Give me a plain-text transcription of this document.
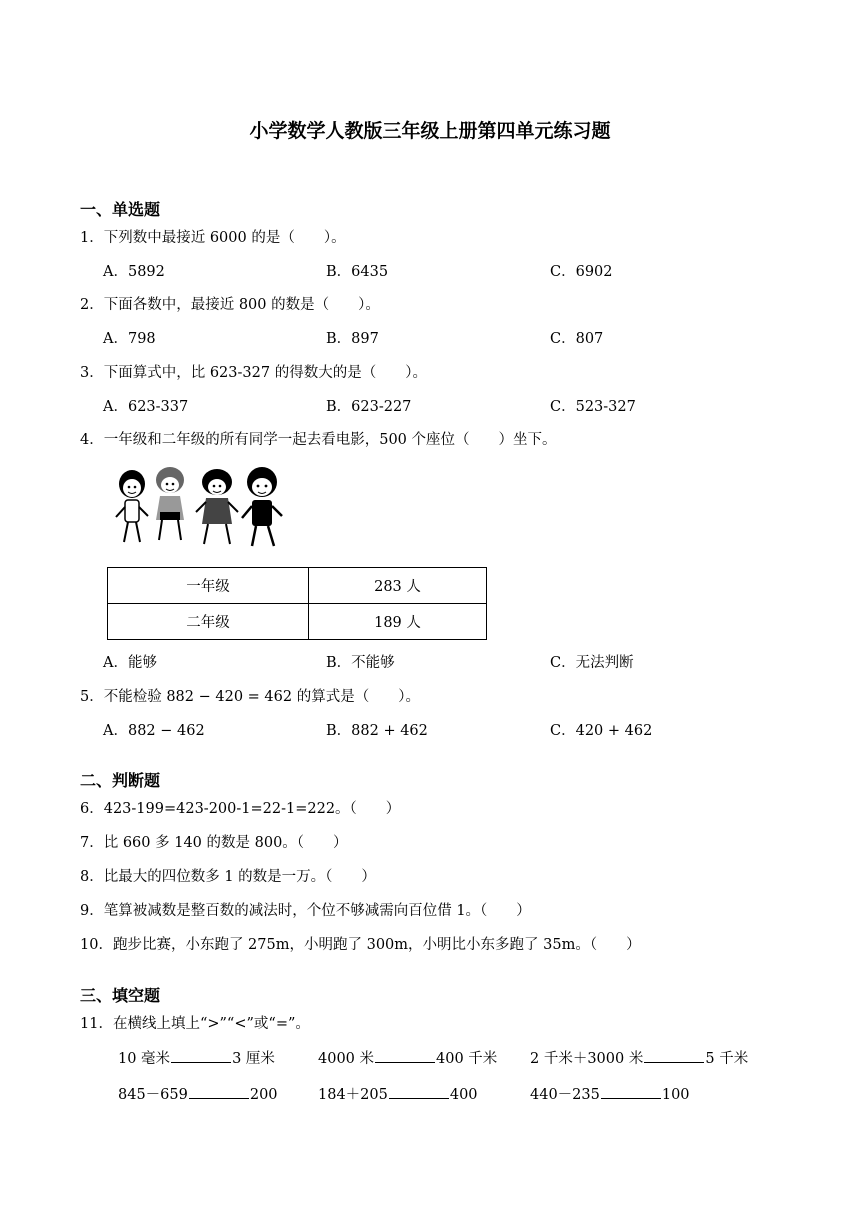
小学数学人教版三年级上册第四单元练习题
一、单选题
1．下列数中最接近 6000 的是（　　）。
A．5892	B．6435	C．6902
2．下面各数中，最接近 800 的数是（　　）。
A．798	B．897	C．807
3．下面算式中，比 623-327 的得数大的是（　　）。
A．623-337	B．623-227	C．523-327
4．一年级和二年级的所有同学一起去看电影，500 个座位（　　）坐下。
一年级	283 人
二年级	189 人
A．能够	B．不能够	C．无法判断
5．不能检验 882 − 420 = 462 的算式是（　　）。
A．882 − 462	B．882 + 462	C．420 + 462
二、判断题
6．423-199=423-200-1=22-1=222。（　　）
7．比 660 多 140 的数是 800。（　　）
8．比最大的四位数多 1 的数是一万。（　　）
9．笔算被减数是整百数的减法时，个位不够减需向百位借 1。（　　）
10．跑步比赛，小东跑了 275m，小明跑了 300m，小明比小东多跑了 35m。（　　）
三、填空题
11．在横线上填上“>”“<”或“=”。
10 毫米	3 厘米	4000 米	400 千米 2 千米＋3000 米	5 千米
845－659	200	184＋205	400	440－235	100
